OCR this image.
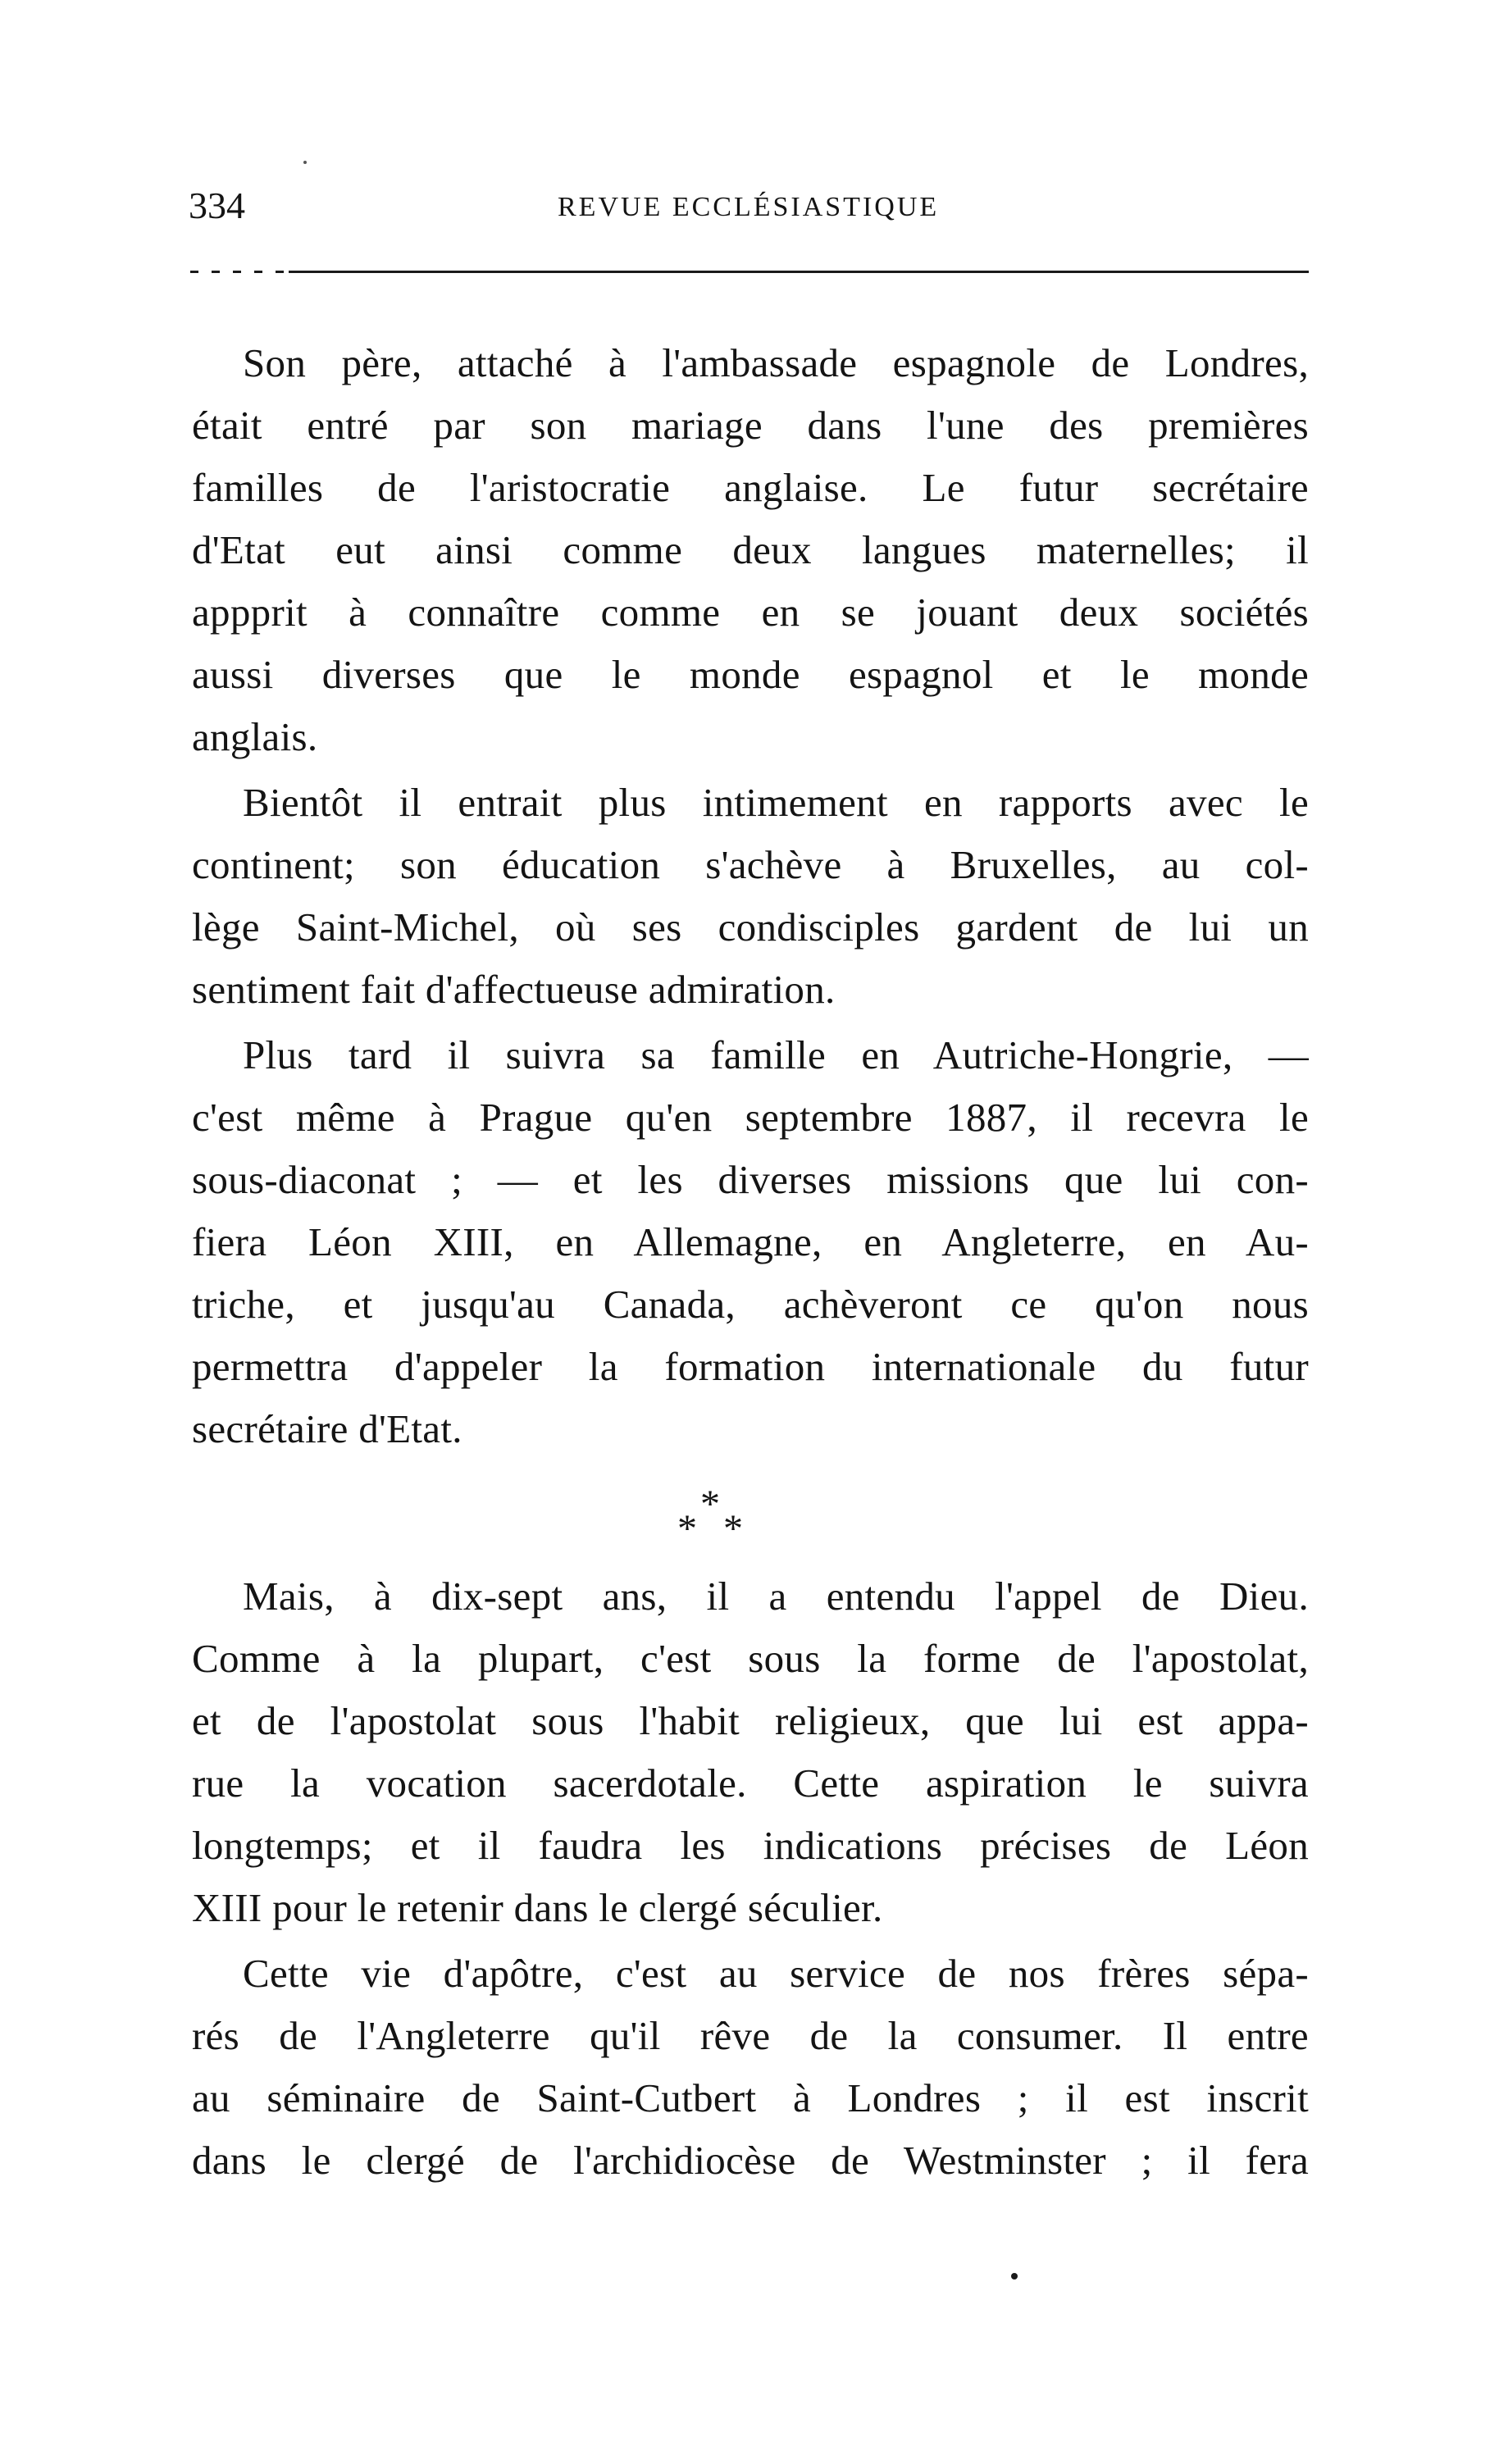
334	REVUE ECCLÉSIASTIQUE
Son père, attaché à l'ambassade espagnole de Londres,
était entré par son mariage dans l'une des premières
familles de l'aristocratie anglaise. Le futur secrétaire
d'Etat eut ainsi comme deux langues maternelles; il
appprit à connaître comme en se jouant deux sociétés
aussi diverses que le monde espagnol et le monde
anglais.
Bientôt il entrait plus intimement en rapports avec le
continent; son éducation s'achève à Bruxelles, au col-
lège Saint-Michel, où ses condisciples gardent de lui un
sentiment fait d'affectueuse admiration.
Plus tard il suivra sa famille en Autriche-Hongrie, —
c'est même à Prague qu'en septembre 1887, il recevra le
sous-diaconat ; — et les diverses missions que lui con-
fiera Léon XIII, en Allemagne, en Angleterre, en Au-
triche, et jusqu'au Canada, achèveront ce qu'on nous
permettra d'appeler la formation internationale du futur
secrétaire d'Etat.
*
* *
Mais, à dix-sept ans, il a entendu l'appel de Dieu.
Comme à la plupart, c'est sous la forme de l'apostolat,
et de l'apostolat sous l'habit religieux, que lui est appa-
rue la vocation sacerdotale. Cette aspiration le suivra
longtemps; et il faudra les indications précises de Léon
XIII pour le retenir dans le clergé séculier.
Cette vie d'apôtre, c'est au service de nos frères sépa-
rés de l'Angleterre qu'il rêve de la consumer. Il entre
au séminaire de Saint-Cutbert à Londres ; il est inscrit
dans le clergé de l'archidiocèse de Westminster ; il fera
